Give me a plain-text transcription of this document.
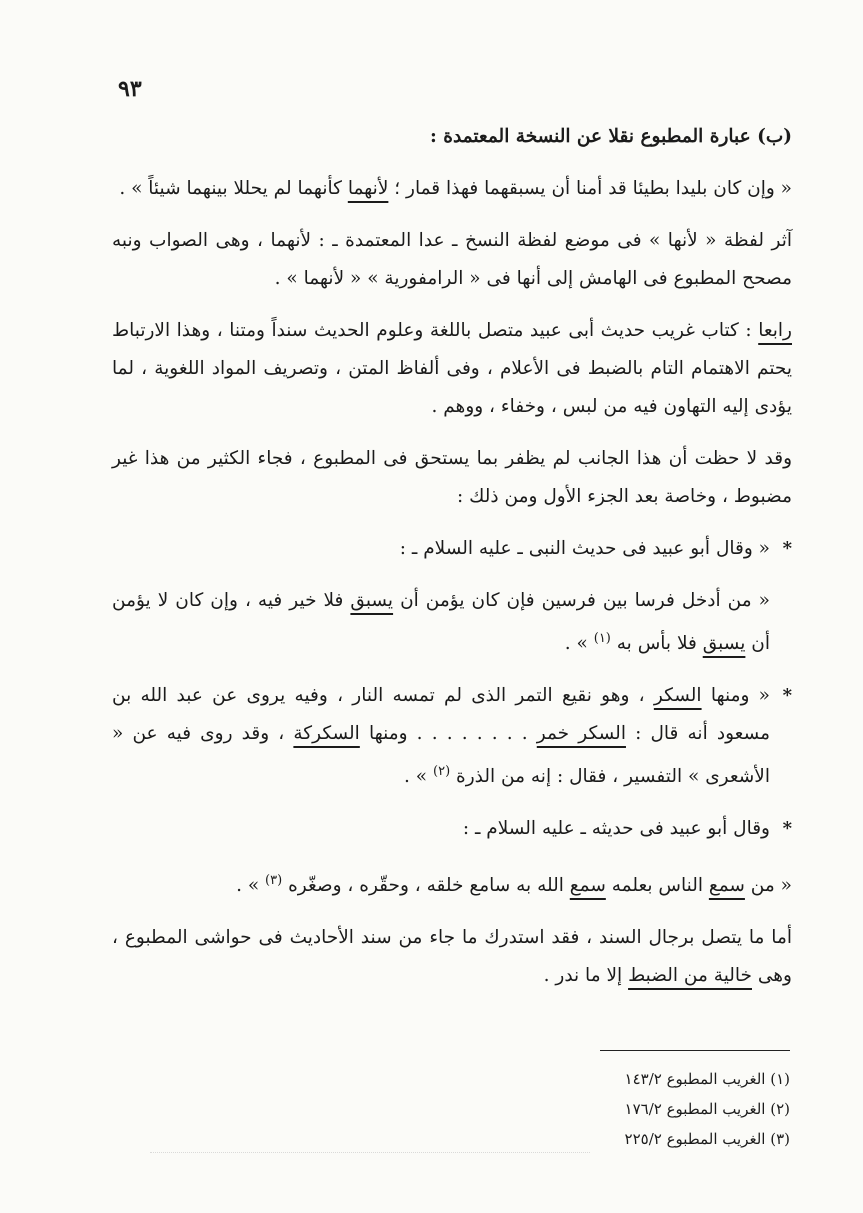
٩٣

(ب) عبارة المطبوع نقلا عن النسخة المعتمدة :

« وإن كان بليدا بطيئا قد أمنا أن يسبقهما فهذا قمار ؛ لأنهما كأنهما لم يحللا بينهما شيئاً » .

آثر لفظة « لأنها » فى موضع لفظة النسخ ـ عدا المعتمدة ـ : لأنهما ، وهى الصواب ونبه مصحح المطبوع فى الهامش إلى أنها فى « الرامفورية » « لأنهما » .

رابعا : كتاب غريب حديث أبى عبيد متصل باللغة وعلوم الحديث سنداً ومتنا ، وهذا الارتباط يحتم الاهتمام التام بالضبط فى الأعلام ، وفى ألفاظ المتن ، وتصريف المواد اللغوية ، لما يؤدى إليه التهاون فيه من لبس ، وخفاء ، ووهم .

وقد لا حظت أن هذا الجانب لم يظفر بما يستحق فى المطبوع ، فجاء الكثير من هذا غير مضبوط ، وخاصة بعد الجزء الأول ومن ذلك :

* « وقال أبو عبيد فى حديث النبى ـ عليه السلام ـ :

« من أدخل فرسا بين فرسين فإن كان يؤمن أن يسبق فلا خير فيه ، وإن كان لا يؤمن أن يسبق فلا بأس به $^{(١)}$ » .

* « ومنها السكر ، وهو نقيع التمر الذى لم تمسه النار ، وفيه يروى عن عبد الله بن مسعود أنه قال : السكر خمر . . . . . . . . ومنها السكركة ، وقد روى فيه عن « الأشعرى » التفسير ، فقال : إنه من الذرة $^{(٢)}$ » .

* وقال أبو عبيد فى حديثه ـ عليه السلام ـ :

« من سمع الناس بعلمه سمع الله به سامع خلقه ، وحقّره ، وصغّره $^{(٣)}$ » .

أما ما يتصل برجال السند ، فقد استدرك ما جاء من سند الأحاديث فى حواشى المطبوع ، وهى خالية من الضبط إلا ما ندر .

(١) الغريب المطبوع ١٤٣/٢
(٢) الغريب المطبوع ١٧٦/٢
(٣) الغريب المطبوع ٢٢٥/٢
